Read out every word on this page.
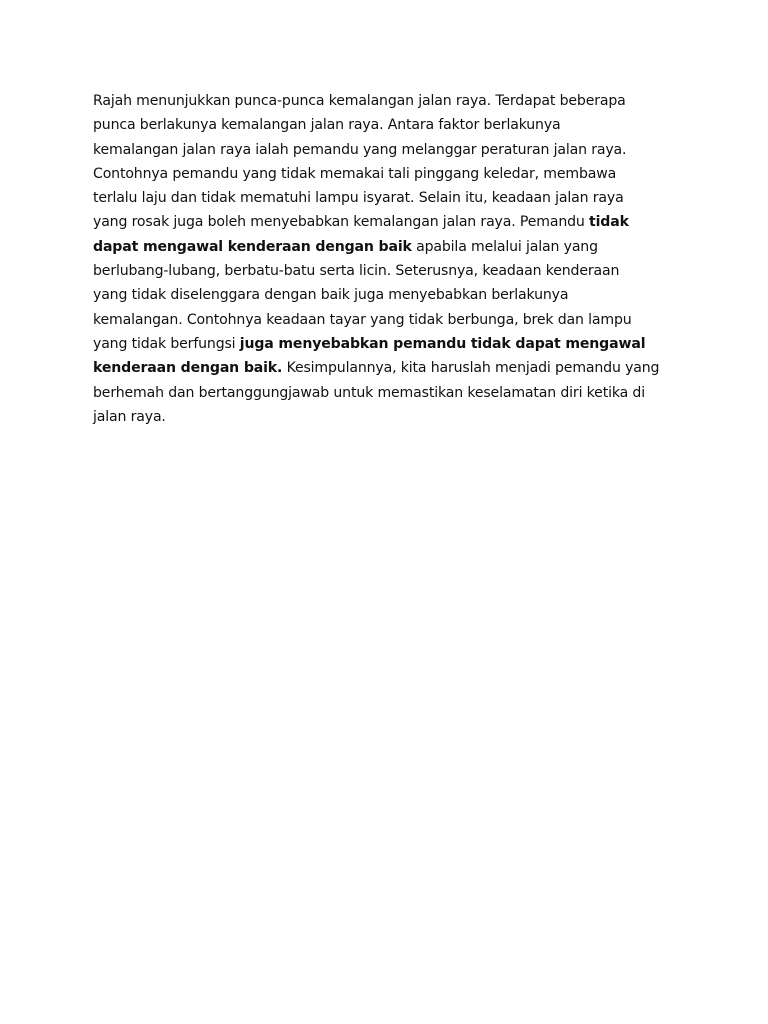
Rajah menunjukkan punca-punca kemalangan jalan raya. Terdapat beberapa
punca berlakunya kemalangan jalan raya. Antara faktor berlakunya
kemalangan jalan raya ialah pemandu yang melanggar peraturan jalan raya.
Contohnya pemandu yang tidak memakai tali pinggang keledar, membawa
terlalu laju dan tidak mematuhi lampu isyarat. Selain itu, keadaan jalan raya
yang rosak juga boleh menyebabkan kemalangan jalan raya. Pemandu tidak
dapat mengawal kenderaan dengan baik apabila melalui jalan yang
berlubang-lubang, berbatu-batu serta licin. Seterusnya, keadaan kenderaan
yang tidak diselenggara dengan baik juga menyebabkan berlakunya
kemalangan. Contohnya keadaan tayar yang tidak berbunga, brek dan lampu
yang tidak berfungsi juga menyebabkan pemandu tidak dapat mengawal
kenderaan dengan baik. Kesimpulannya, kita haruslah menjadi pemandu yang
berhemah dan bertanggungjawab untuk memastikan keselamatan diri ketika di
jalan raya.
